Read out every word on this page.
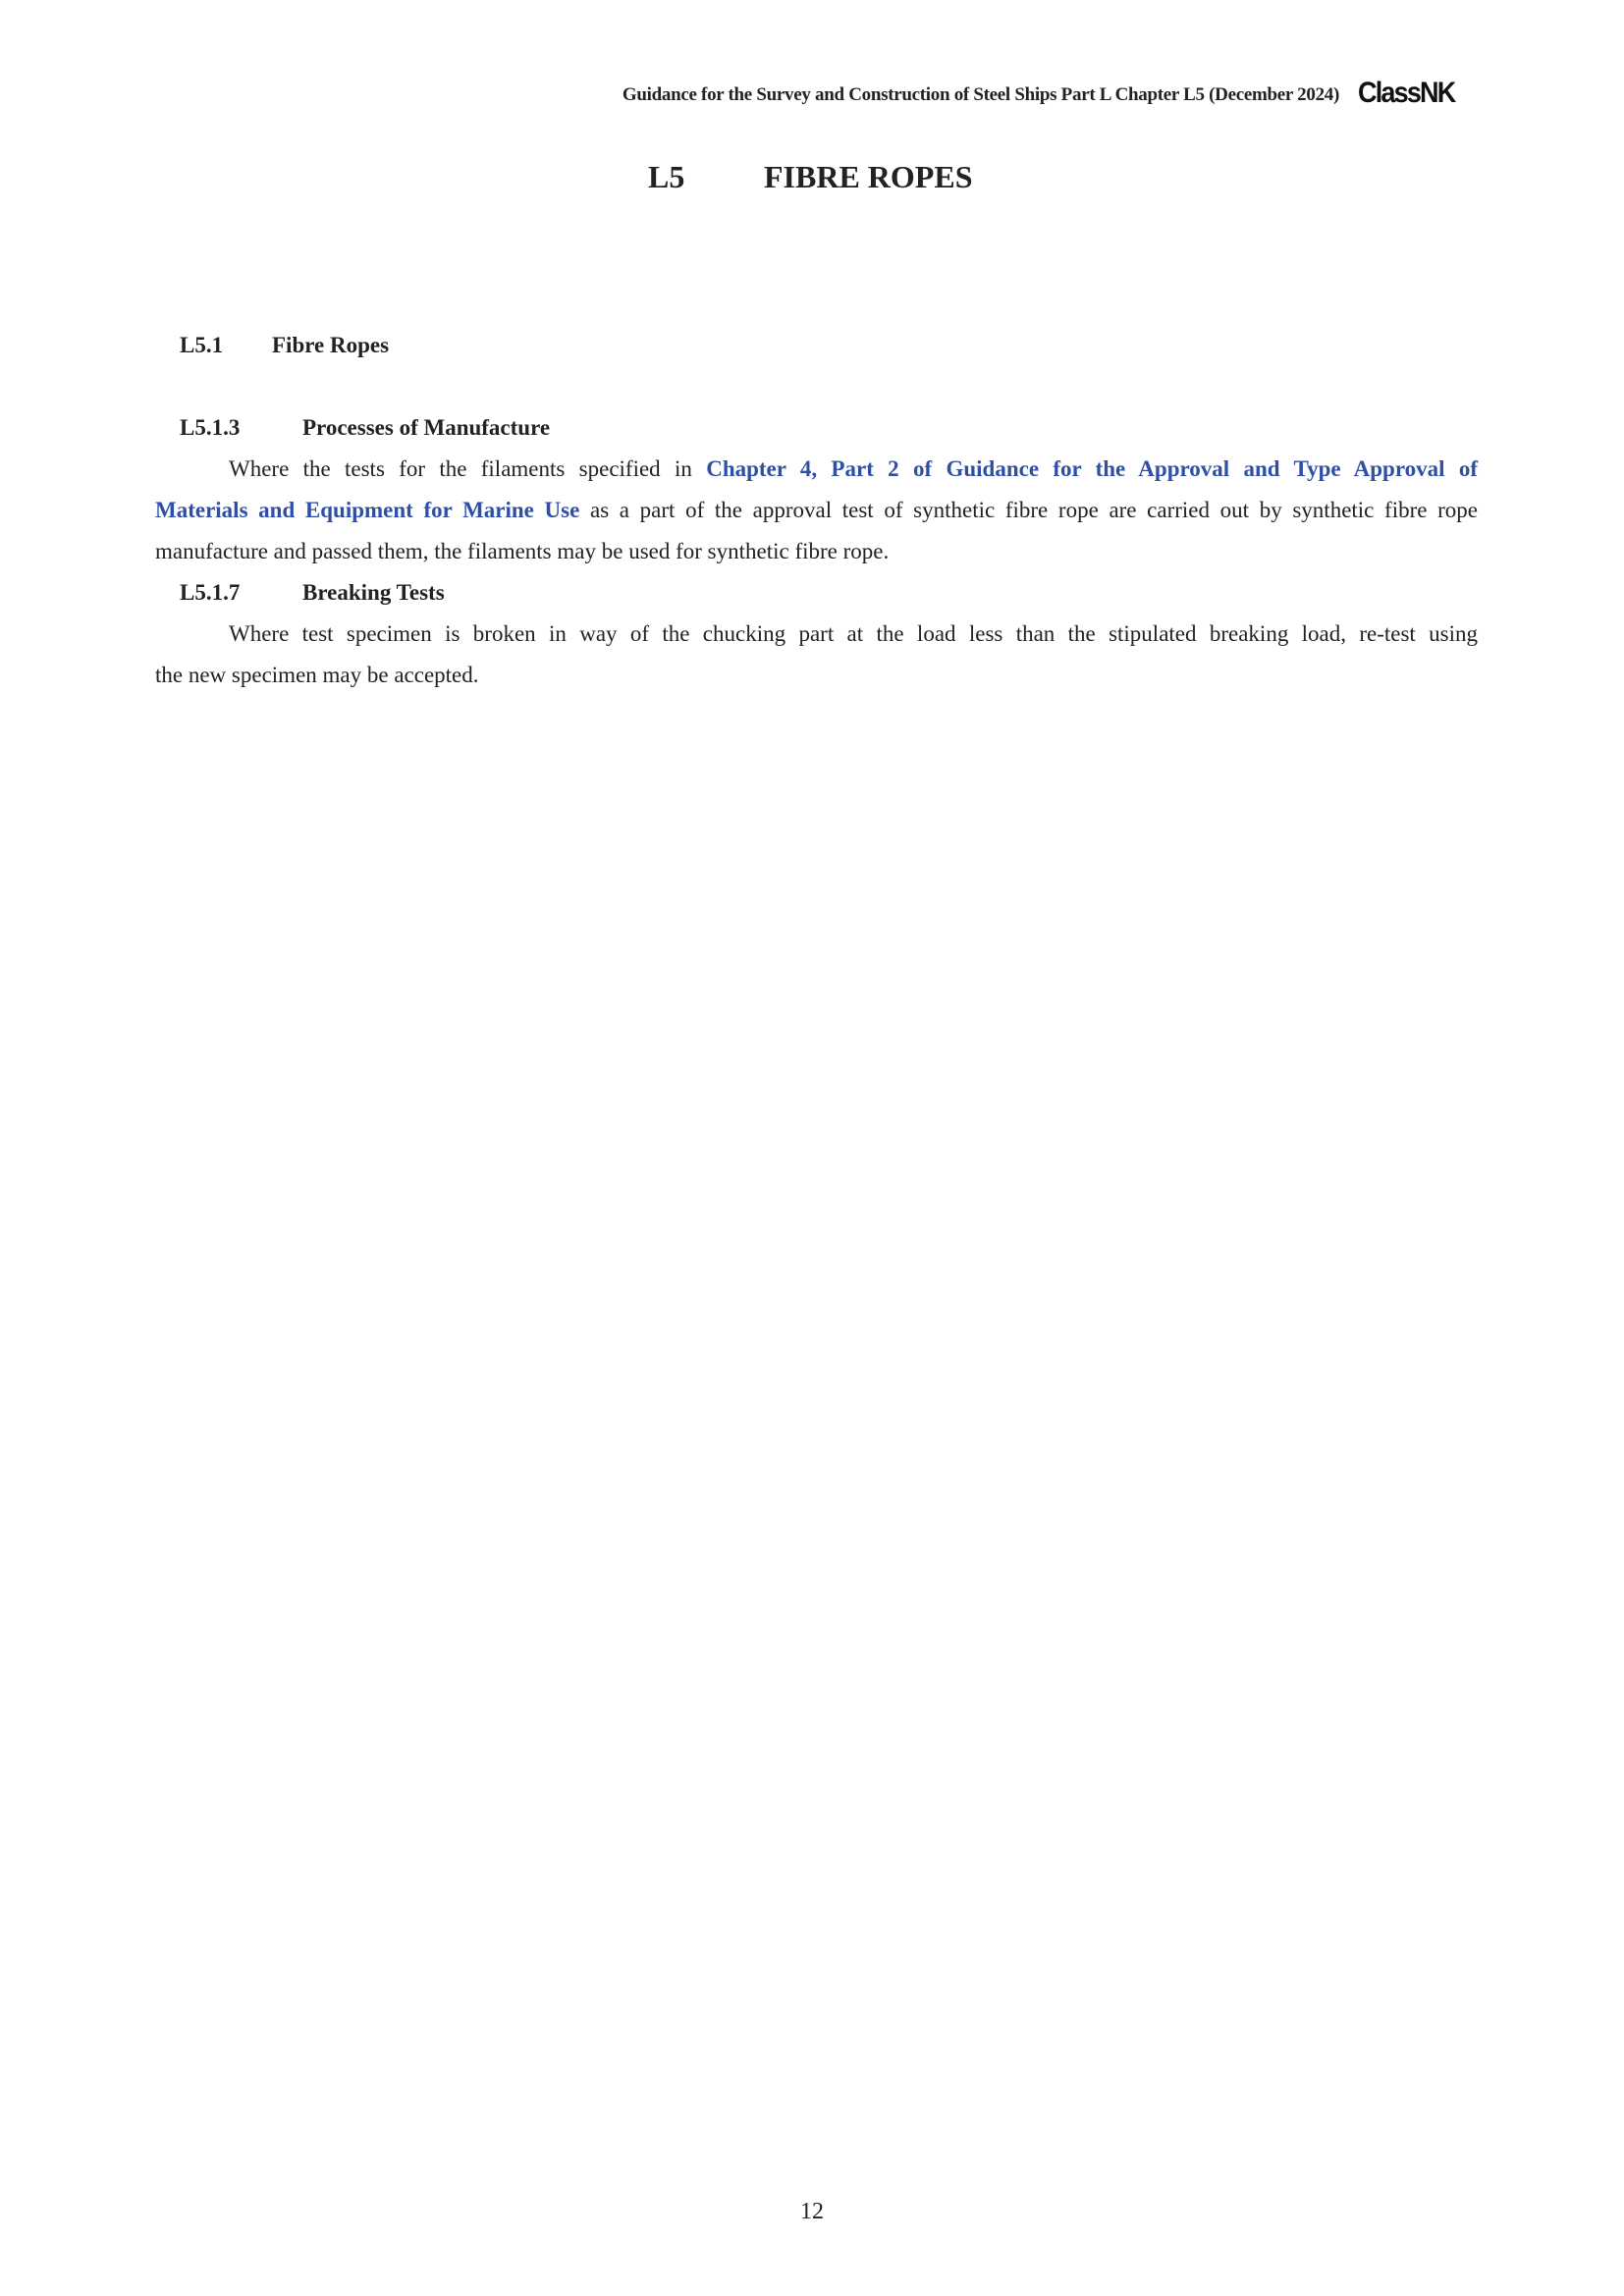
Guidance for the Survey and Construction of Steel Ships Part L Chapter L5 (December 2024) ClassNK
L5	FIBRE ROPES
L5.1 Fibre Ropes
L5.1.3	Processes of Manufacture
Where the tests for the filaments specified in Chapter 4, Part 2 of Guidance for the Approval and Type Approval of
Materials and Equipment for Marine Use as a part of the approval test of synthetic fibre rope are carried out by synthetic fibre rope
manufacture and passed them, the filaments may be used for synthetic fibre rope.
L5.1.7	Breaking Tests
Where test specimen is broken in way of the chucking part at the load less than the stipulated breaking load, re-test using
the new specimen may be accepted.
12
